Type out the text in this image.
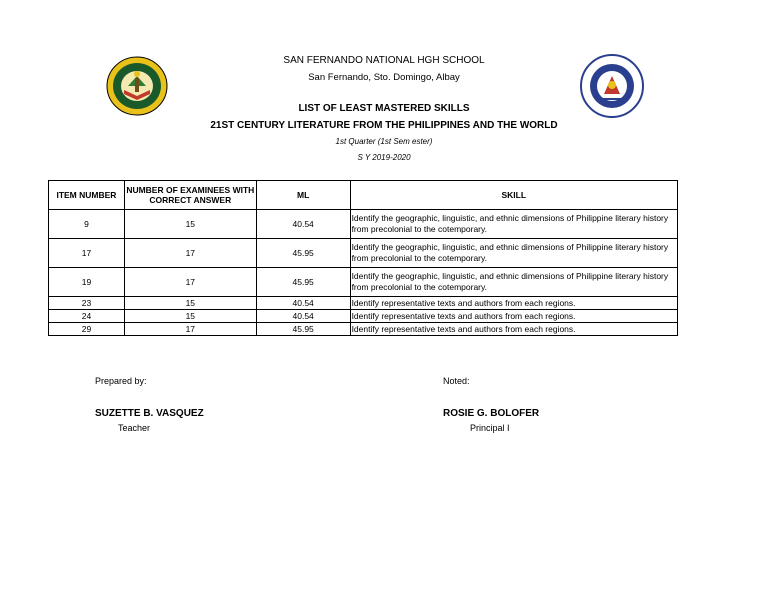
SAN FERNANDO NATIONAL HGH SCHOOL
San Fernando, Sto. Domingo, Albay
LIST OF LEAST MASTERED SKILLS
21ST CENTURY LITERATURE FROM THE PHILIPPINES AND THE WORLD
1st Quarter (1st Sem ester)
S Y 2019-2020
ITEM NUMBER	NUMBER OF EXAMINEES WITH CORRECT ANSWER	ML	SKILL
9	15	40.54	Identify the geographic, linguistic, and ethnic dimensions of Philippine literary history from precolonial to the cotemporary.
17	17	45.95	Identify the geographic, linguistic, and ethnic dimensions of Philippine literary history from precolonial to the cotemporary.
19	17	45.95	Identify the geographic, linguistic, and ethnic dimensions of Philippine literary history from precolonial to the cotemporary.
23	15	40.54	Identify representative texts and authors from each regions.
24	15	40.54	Identify representative texts and authors from each regions.
29	17	45.95	Identify representative texts and authors from each regions.
Prepared by:
SUZETTE B. VASQUEZ
Teacher
Noted:
ROSIE G. BOLOFER
Principal I
